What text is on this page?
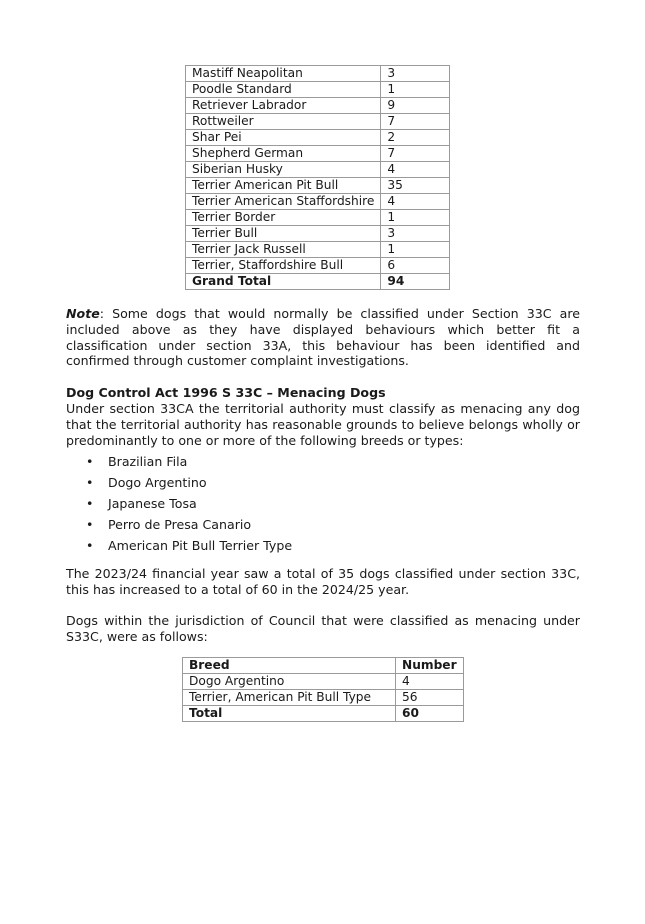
Mastiff Neapolitan	3
Poodle Standard	1
Retriever Labrador	9
Rottweiler	7
Shar Pei	2
Shepherd German	7
Siberian Husky	4
Terrier American Pit Bull	35
Terrier American Staffordshire	4
Terrier Border	1
Terrier Bull	3
Terrier Jack Russell	1
Terrier, Staffordshire Bull	6
Grand Total	94

Note: Some dogs that would normally be classified under Section 33C are included above as they have displayed behaviours which better fit a classification under section 33A, this behaviour has been identified and confirmed through customer complaint investigations.

Dog Control Act 1996 S 33C – Menacing Dogs

Under section 33CA the territorial authority must classify as menacing any dog that the territorial authority has reasonable grounds to believe belongs wholly or predominantly to one or more of the following breeds or types:

• Brazilian Fila
• Dogo Argentino
• Japanese Tosa
• Perro de Presa Canario
• American Pit Bull Terrier Type

The 2023/24 financial year saw a total of 35 dogs classified under section 33C, this has increased to a total of 60 in the 2024/25 year.

Dogs within the jurisdiction of Council that were classified as menacing under S33C, were as follows:

Breed	Number
Dogo Argentino	4
Terrier, American Pit Bull Type	56
Total	60
